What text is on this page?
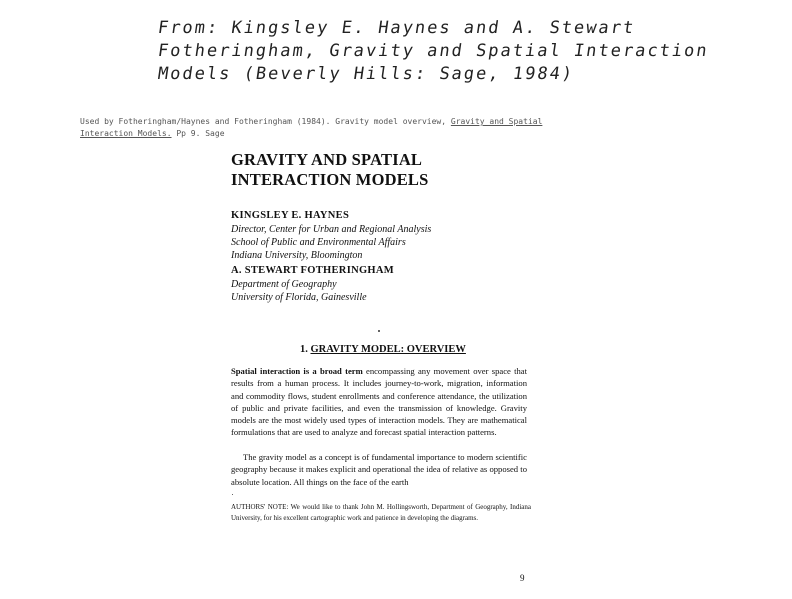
From: Kingsley E. Haynes and A. Stewart
Fotheringham, Gravity and Spatial Interaction
Models (Beverly Hills: Sage, 1984)
Used by Fotheringham/Haynes and Fotheringham (1984). Gravity model overview, Gravity and Spatial Interaction Models. Pp 9. Sage
GRAVITY AND SPATIAL
INTERACTION MODELS
KINGSLEY E. HAYNES
Director, Center for Urban and Regional Analysis
School of Public and Environmental Affairs
Indiana University, Bloomington
A. STEWART FOTHERINGHAM
Department of Geography
University of Florida, Gainesville
1. GRAVITY MODEL: OVERVIEW

Spatial interaction is a broad term encompassing any movement over space that results from a human process. It includes journey-to-work, migration, information and commodity flows, student enrollments and conference attendance, the utilization of public and private facilities, and even the transmission of knowledge. Gravity models are the most widely used types of interaction models. They are mathematical formulations that are used to analyze and forecast spatial interaction patterns.

The gravity model as a concept is of fundamental importance to modern scientific geography because it makes explicit and operational the idea of relative as opposed to absolute location. All things on the face of the earth

AUTHORS' NOTE: We would like to thank John M. Hollingsworth, Department of Geography, Indiana University, for his excellent cartographic work and patience in developing the diagrams.
9
